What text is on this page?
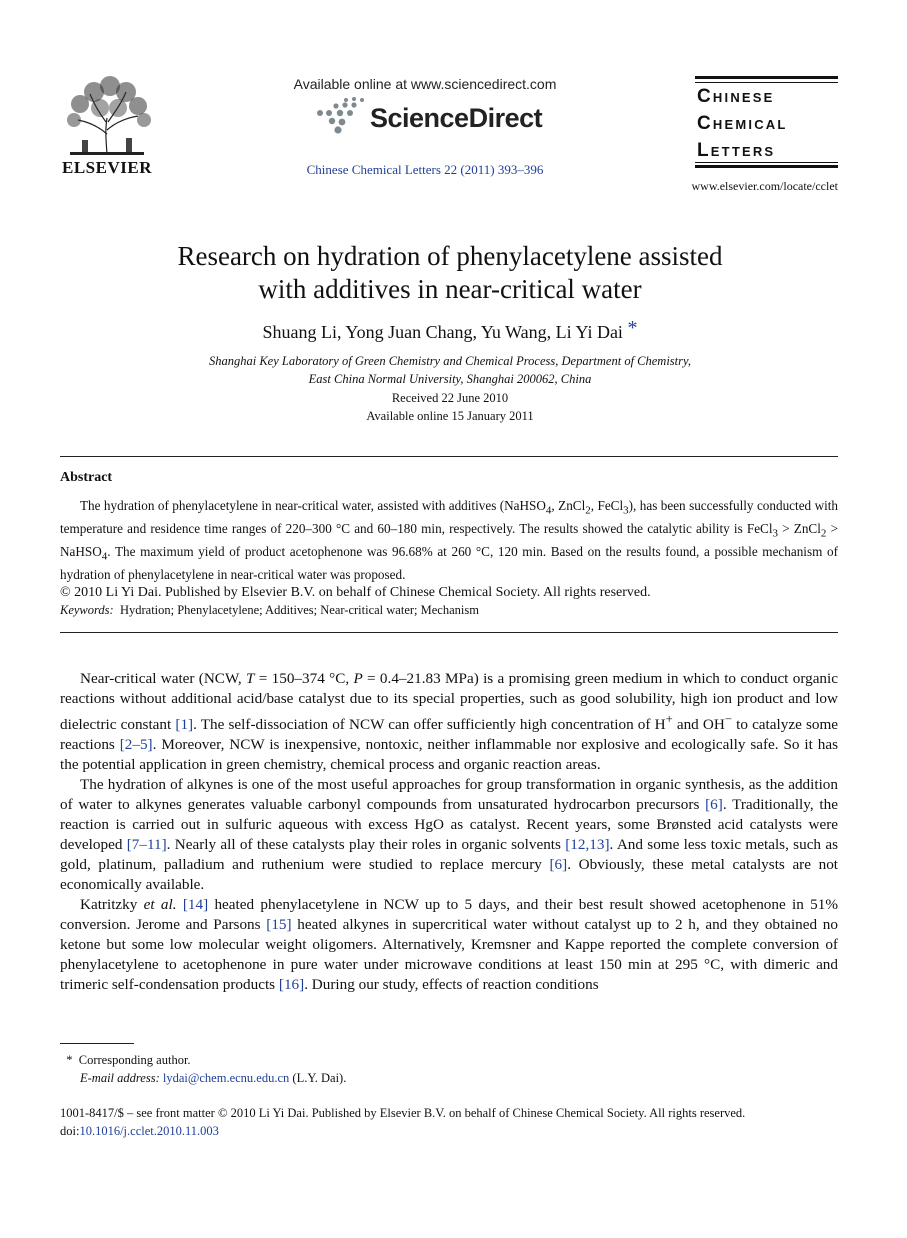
ELSEVIER
Available online at www.sciencedirect.com
ScienceDirect
Chinese Chemical Letters 22 (2011) 393–396
Chinese
Chemical
Letters
www.elsevier.com/locate/cclet
Research on hydration of phenylacetylene assisted
with additives in near-critical water
Shuang Li, Yong Juan Chang, Yu Wang, Li Yi Dai *
Shanghai Key Laboratory of Green Chemistry and Chemical Process, Department of Chemistry,
East China Normal University, Shanghai 200062, China
Received 22 June 2010
Available online 15 January 2011
Abstract

The hydration of phenylacetylene in near-critical water, assisted with additives (NaHSO$_4$, ZnCl$_2$, FeCl$_3$), has been successfully conducted with temperature and residence time ranges of 220–300 °C and 60–180 min, respectively. The results showed the catalytic ability is FeCl$_3$ > ZnCl$_2$ > NaHSO$_4$. The maximum yield of product acetophenone was 96.68% at 260 °C, 120 min. Based on the results found, a possible mechanism of hydration of phenylacetylene in near-critical water was proposed.

© 2010 Li Yi Dai. Published by Elsevier B.V. on behalf of Chinese Chemical Society. All rights reserved.

Keywords: Hydration; Phenylacetylene; Additives; Near-critical water; Mechanism

Near-critical water (NCW, T = 150–374 °C, P = 0.4–21.83 MPa) is a promising green medium in which to conduct organic reactions without additional acid/base catalyst due to its special properties, such as good solubility, high ion product and low dielectric constant [1]. The self-dissociation of NCW can offer sufficiently high concentration of H+ and OH− to catalyze some reactions [2–5]. Moreover, NCW is inexpensive, nontoxic, neither inflammable nor explosive and ecologically safe. So it has the potential application in green chemistry, chemical process and organic reaction areas.

The hydration of alkynes is one of the most useful approaches for group transformation in organic synthesis, as the addition of water to alkynes generates valuable carbonyl compounds from unsaturated hydrocarbon precursors [6]. Traditionally, the reaction is carried out in sulfuric aqueous with excess HgO as catalyst. Recent years, some Brønsted acid catalysts were developed [7–11]. Nearly all of these catalysts play their roles in organic solvents [12,13]. And some less toxic metals, such as gold, platinum, palladium and ruthenium were studied to replace mercury [6]. Obviously, these metal catalysts are not economically available.

Katritzky et al. [14] heated phenylacetylene in NCW up to 5 days, and their best result showed acetophenone in 51% conversion. Jerome and Parsons [15] heated alkynes in supercritical water without catalyst up to 2 h, and they obtained no ketone but some low molecular weight oligomers. Alternatively, Kremsner and Kappe reported the complete conversion of phenylacetylene to acetophenone in pure water under microwave conditions at least 150 min at 295 °C, with dimeric and trimeric self-condensation products [16]. During our study, effects of reaction conditions

* Corresponding author.
E-mail address: lydai@chem.ecnu.edu.cn (L.Y. Dai).
1001-8417/$ – see front matter © 2010 Li Yi Dai. Published by Elsevier B.V. on behalf of Chinese Chemical Society. All rights reserved.
doi:10.1016/j.cclet.2010.11.003
